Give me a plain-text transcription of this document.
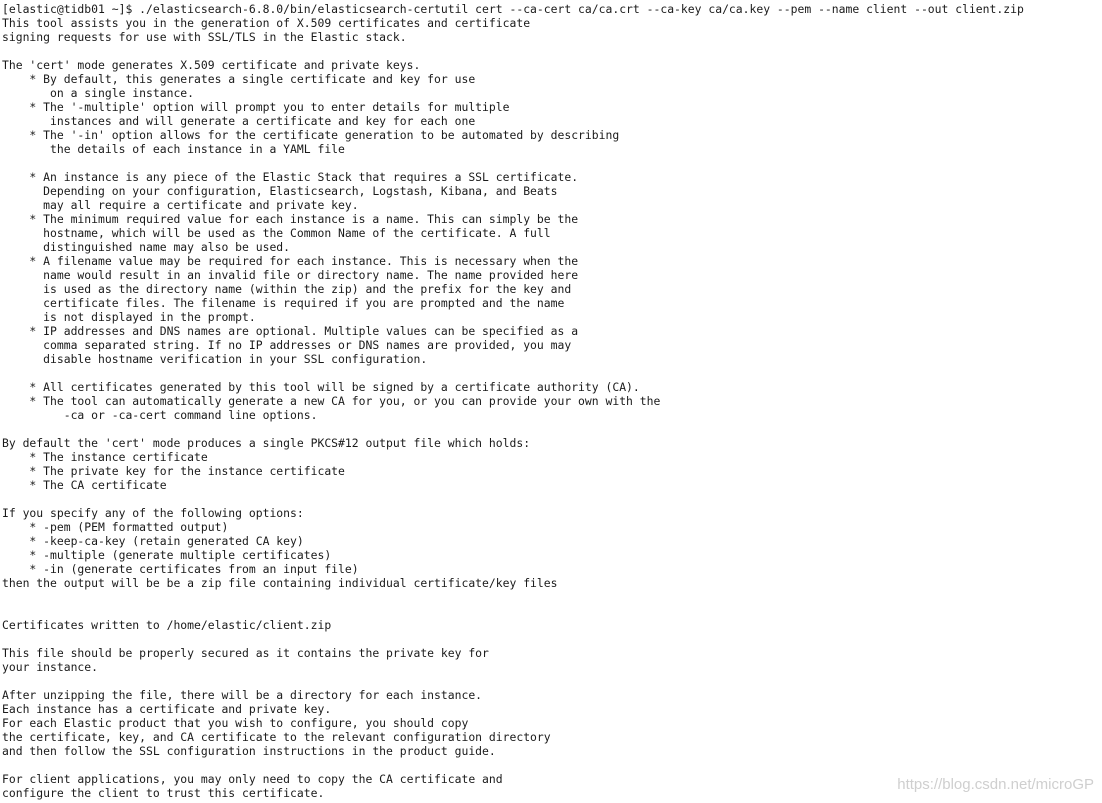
[elastic@tidb01 ~]$ ./elasticsearch-6.8.0/bin/elasticsearch-certutil cert --ca-cert ca/ca.crt --ca-key ca/ca.key --pem --name client --out client.zip
This tool assists you in the generation of X.509 certificates and certificate
signing requests for use with SSL/TLS in the Elastic stack.
The 'cert' mode generates X.509 certificate and private keys.
* By default, this generates a single certificate and key for use
on a single instance.
* The '-multiple' option will prompt you to enter details for multiple
instances and will generate a certificate and key for each one
* The '-in' option allows for the certificate generation to be automated by describing
the details of each instance in a YAML file
* An instance is any piece of the Elastic Stack that requires a SSL certificate.
Depending on your configuration, Elasticsearch, Logstash, Kibana, and Beats
may all require a certificate and private key.
* The minimum required value for each instance is a name. This can simply be the
hostname, which will be used as the Common Name of the certificate. A full
distinguished name may also be used.
* A filename value may be required for each instance. This is necessary when the
name would result in an invalid file or directory name. The name provided here
is used as the directory name (within the zip) and the prefix for the key and
certificate files. The filename is required if you are prompted and the name
is not displayed in the prompt.
* IP addresses and DNS names are optional. Multiple values can be specified as a
comma separated string. If no IP addresses or DNS names are provided, you may
disable hostname verification in your SSL configuration.
* All certificates generated by this tool will be signed by a certificate authority (CA).
* The tool can automatically generate a new CA for you, or you can provide your own with the
-ca or -ca-cert command line options.
By default the 'cert' mode produces a single PKCS#12 output file which holds:
* The instance certificate
* The private key for the instance certificate
* The CA certificate
If you specify any of the following options:
* -pem (PEM formatted output)
* -keep-ca-key (retain generated CA key)
* -multiple (generate multiple certificates)
* -in (generate certificates from an input file)
then the output will be be a zip file containing individual certificate/key files
Certificates written to /home/elastic/client.zip
This file should be properly secured as it contains the private key for
your instance.
After unzipping the file, there will be a directory for each instance.
Each instance has a certificate and private key.
For each Elastic product that you wish to configure, you should copy
the certificate, key, and CA certificate to the relevant configuration directory
and then follow the SSL configuration instructions in the product guide.
For client applications, you may only need to copy the CA certificate and
configure the client to trust this certificate.	https://blog.csdn.net/microGP
